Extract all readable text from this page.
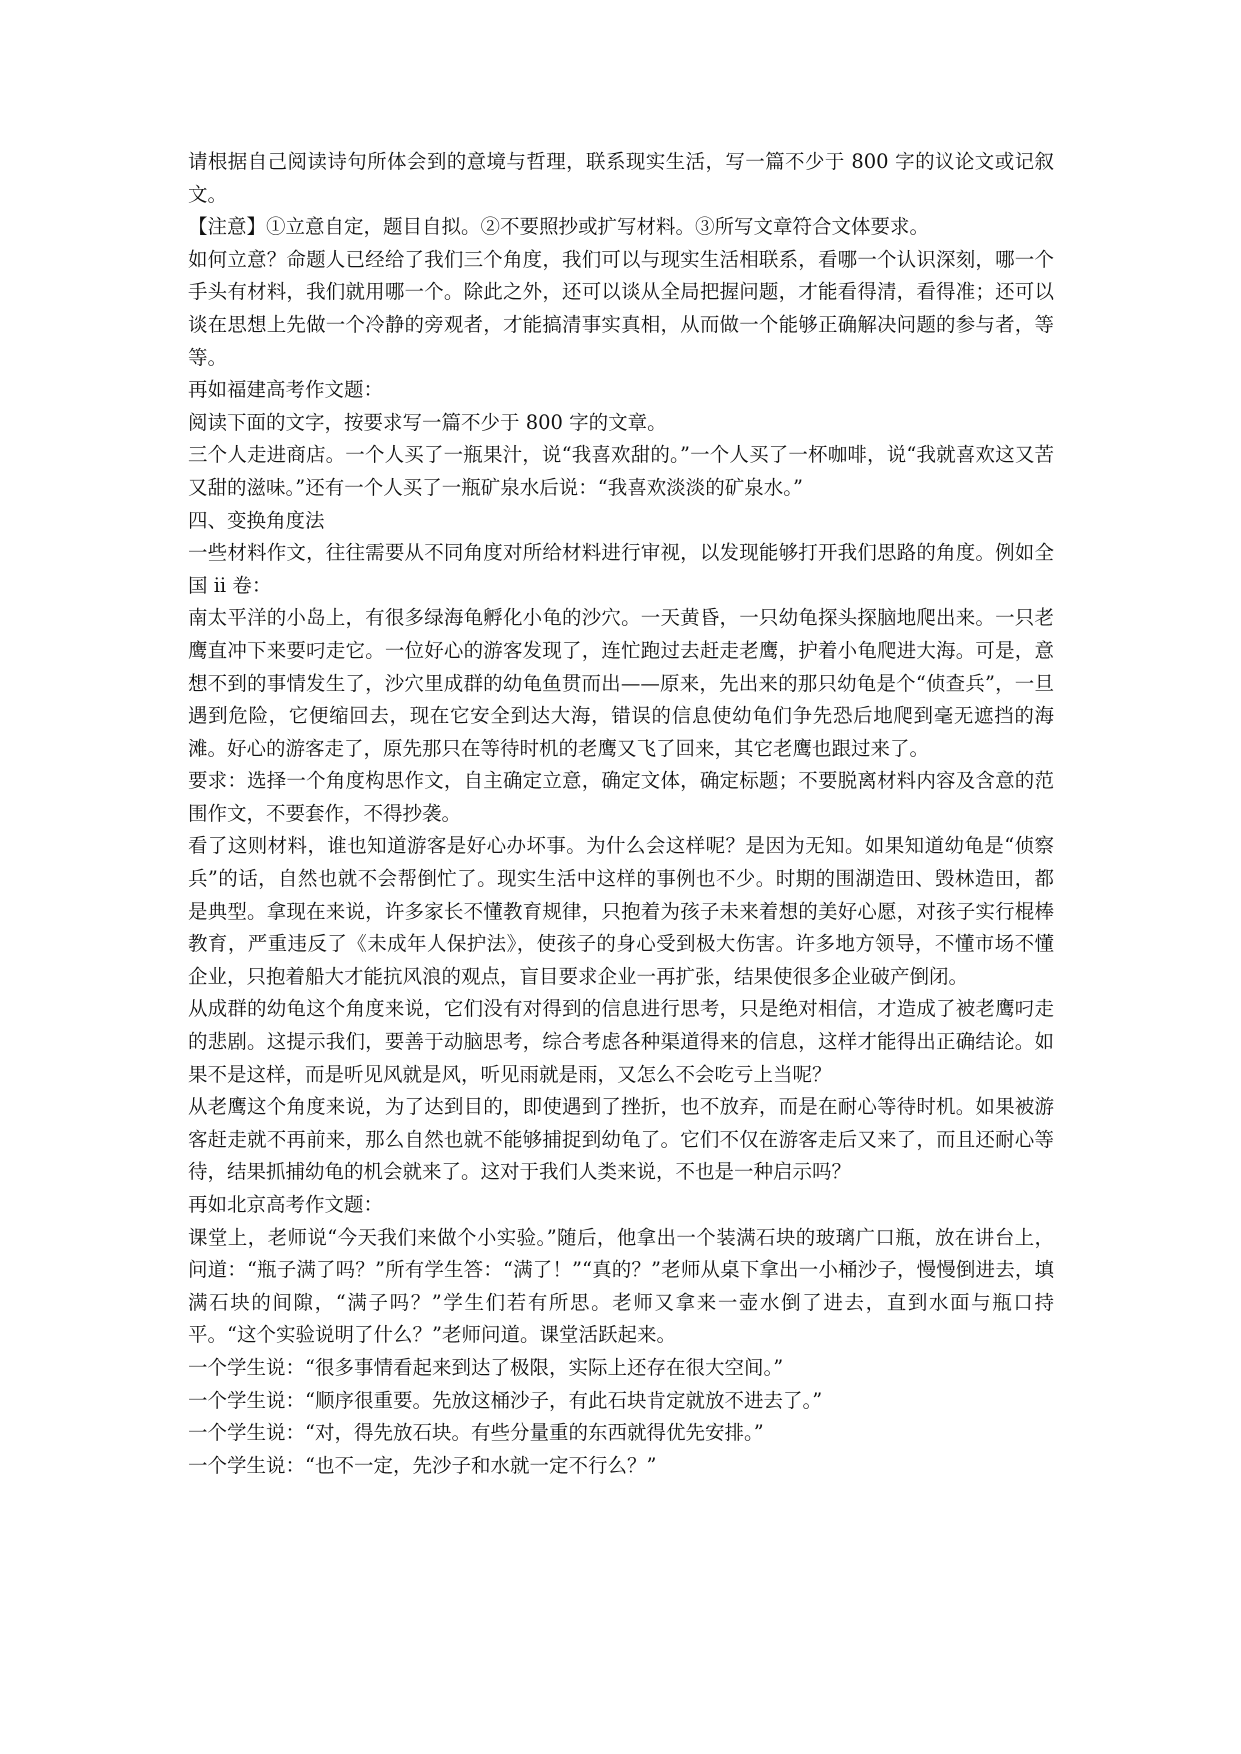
请根据自己阅读诗句所体会到的意境与哲理，联系现实生活，写一篇不少于 800 字的议论文或记叙文。

【注意】①立意自定，题目自拟。②不要照抄或扩写材料。③所写文章符合文体要求。

如何立意？命题人已经给了我们三个角度，我们可以与现实生活相联系，看哪一个认识深刻，哪一个手头有材料，我们就用哪一个。除此之外，还可以谈从全局把握问题，才能看得清，看得准；还可以谈在思想上先做一个冷静的旁观者，才能搞清事实真相，从而做一个能够正确解决问题的参与者，等等。

再如福建高考作文题：

阅读下面的文字，按要求写一篇不少于 800 字的文章。

三个人走进商店。一个人买了一瓶果汁，说“我喜欢甜的。”一个人买了一杯咖啡，说“我就喜欢这又苦又甜的滋味。”还有一个人买了一瓶矿泉水后说：“我喜欢淡淡的矿泉水。”

四、变换角度法

一些材料作文，往往需要从不同角度对所给材料进行审视，以发现能够打开我们思路的角度。例如全国 ii 卷：

南太平洋的小岛上，有很多绿海龟孵化小龟的沙穴。一天黄昏，一只幼龟探头探脑地爬出来。一只老鹰直冲下来要叼走它。一位好心的游客发现了，连忙跑过去赶走老鹰，护着小龟爬进大海。可是，意想不到的事情发生了，沙穴里成群的幼龟鱼贯而出——原来，先出来的那只幼龟是个“侦查兵”，一旦遇到危险，它便缩回去，现在它安全到达大海，错误的信息使幼龟们争先恐后地爬到毫无遮挡的海滩。好心的游客走了，原先那只在等待时机的老鹰又飞了回来，其它老鹰也跟过来了。

要求：选择一个角度构思作文，自主确定立意，确定文体，确定标题；不要脱离材料内容及含意的范围作文，不要套作，不得抄袭。

看了这则材料，谁也知道游客是好心办坏事。为什么会这样呢？是因为无知。如果知道幼龟是“侦察兵”的话，自然也就不会帮倒忙了。现实生活中这样的事例也不少。时期的围湖造田、毁林造田，都是典型。拿现在来说，许多家长不懂教育规律，只抱着为孩子未来着想的美好心愿，对孩子实行棍棒教育，严重违反了《未成年人保护法》，使孩子的身心受到极大伤害。许多地方领导，不懂市场不懂企业，只抱着船大才能抗风浪的观点，盲目要求企业一再扩张，结果使很多企业破产倒闭。

从成群的幼龟这个角度来说，它们没有对得到的信息进行思考，只是绝对相信，才造成了被老鹰叼走的悲剧。这提示我们，要善于动脑思考，综合考虑各种渠道得来的信息，这样才能得出正确结论。如果不是这样，而是听见风就是风，听见雨就是雨，又怎么不会吃亏上当呢？

从老鹰这个角度来说，为了达到目的，即使遇到了挫折，也不放弃，而是在耐心等待时机。如果被游客赶走就不再前来，那么自然也就不能够捕捉到幼龟了。它们不仅在游客走后又来了，而且还耐心等待，结果抓捕幼龟的机会就来了。这对于我们人类来说，不也是一种启示吗？

再如北京高考作文题：

课堂上，老师说“今天我们来做个小实验。”随后，他拿出一个装满石块的玻璃广口瓶，放在讲台上，问道：“瓶子满了吗？”所有学生答：“满了！”“真的？”老师从桌下拿出一小桶沙子，慢慢倒进去，填满石块的间隙，“满子吗？”学生们若有所思。老师又拿来一壶水倒了进去，直到水面与瓶口持平。“这个实验说明了什么？”老师问道。课堂活跃起来。

一个学生说：“很多事情看起来到达了极限，实际上还存在很大空间。”

一个学生说：“顺序很重要。先放这桶沙子，有此石块肯定就放不进去了。”

一个学生说：“对，得先放石块。有些分量重的东西就得优先安排。”

一个学生说：“也不一定，先沙子和水就一定不行么？”
